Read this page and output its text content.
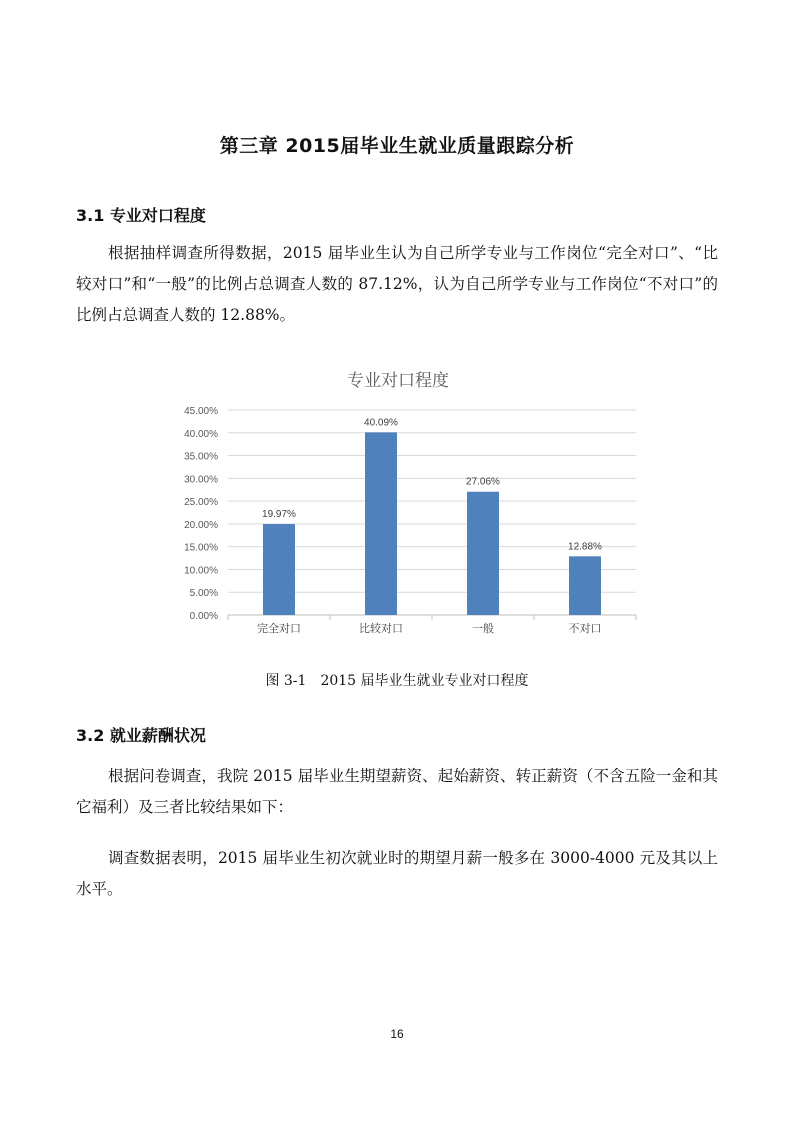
第三章 2015届毕业生就业质量跟踪分析
3.1 专业对口程度
根据抽样调查所得数据，2015 届毕业生认为自己所学专业与工作岗位“完全对口”、“比较对口”和“一般”的比例占总调查人数的 87.12%，认为自己所学专业与工作岗位“不对口”的比例占总调查人数的 12.88%。
专业对口程度
0.00%
5.00%
10.00%
15.00%
20.00%
25.00%
30.00%
35.00%
40.00%
45.00%
19.97%
完全对口
40.09%
比较对口
27.06%
一般
12.88%
不对口
图 3-1　2015 届毕业生就业专业对口程度
3.2 就业薪酬状况
根据问卷调查，我院 2015 届毕业生期望薪资、起始薪资、转正薪资（不含五险一金和其它福利）及三者比较结果如下：
调查数据表明，2015 届毕业生初次就业时的期望月薪一般多在 3000-4000 元及其以上水平。
16
